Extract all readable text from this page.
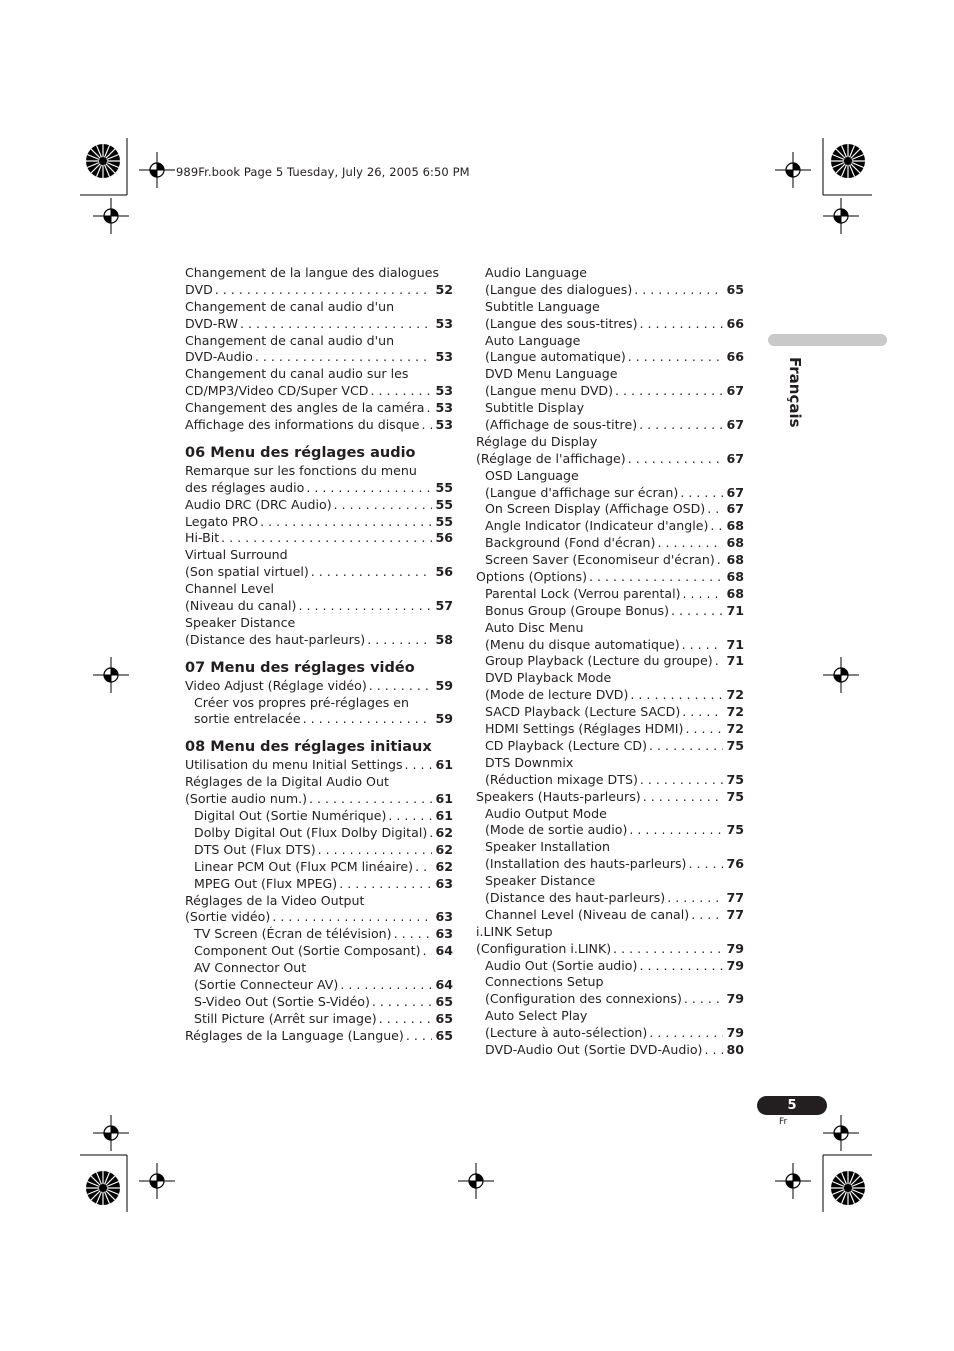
989Fr.book Page 5 Tuesday, July 26, 2005 6:50 PM
Changement de la langue des dialogues
DVD . . .	52
Changement de canal audio d'un
DVD-RW . . .	53
Changement de canal audio d'un
DVD-Audio . . .	53
Changement du canal audio sur les
CD/MP3/Video CD/Super VCD . . .	53
Changement des angles de la caméra . . . 53
Affichage des informations du disque . . . 53
06 Menu des réglages audio
Remarque sur les fonctions du menu
des réglages audio . . .	55
Audio DRC (DRC Audio) . . .	55
Legato PRO . . .	55
Hi-Bit . . .	56
Virtual Surround
(Son spatial virtuel) . . .	56
Channel Level
(Niveau du canal) . . .	57
Speaker Distance
(Distance des haut-parleurs) . . .	58
07 Menu des réglages vidéo
Video Adjust (Réglage vidéo) . . .	59
Créer vos propres pré-réglages en
sortie entrelacée . . .	59
08 Menu des réglages initiaux
Utilisation du menu Initial Settings . . .	61
Réglages de la Digital Audio Out
(Sortie audio num.) . . .	61
Digital Out (Sortie Numérique) . . .	61
Dolby Digital Out (Flux Dolby Digital) . . . 62
DTS Out (Flux DTS) . . .	62
Linear PCM Out (Flux PCM linéaire) . . . 62
MPEG Out (Flux MPEG) . . .	63
Réglages de la Video Output
(Sortie vidéo) . . .	63
TV Screen (Écran de télévision) . . .	63
Component Out (Sortie Composant) . . . 64
AV Connector Out
(Sortie Connecteur AV) . . .	64
S-Video Out (Sortie S-Vidéo) . . .	65
Still Picture (Arrêt sur image) . . .	65
Réglages de la Language (Langue) . . .	65
Audio Language
(Langue des dialogues) . . .	65
Subtitle Language
(Langue des sous-titres) . . .	66
Auto Language
(Langue automatique) . . .	66
DVD Menu Language
(Langue menu DVD) . . .	67
Subtitle Display
(Affichage de sous-titre) . . .	67
Réglage du Display
(Réglage de l'affichage) . . .	67
OSD Language
(Langue d'affichage sur écran) . . .	67
On Screen Display (Affichage OSD) . . . 67
Angle Indicator (Indicateur d'angle) . . . 68
Background (Fond d'écran) . . .	68
Screen Saver (Economiseur d'écran) . . . 68
Options (Options) . . .	68
Parental Lock (Verrou parental) . . .	68
Bonus Group (Groupe Bonus) . . .	71
Auto Disc Menu
(Menu du disque automatique) . . .	71
Group Playback (Lecture du groupe) . . . 71
DVD Playback Mode
(Mode de lecture DVD) . . .	72
SACD Playback (Lecture SACD) . . .	72
HDMI Settings (Réglages HDMI) . . .	72
CD Playback (Lecture CD) . . .	75
DTS Downmix
(Réduction mixage DTS) . . .	75
Speakers (Hauts-parleurs) . . .	75
Audio Output Mode
(Mode de sortie audio) . . .	75
Speaker Installation
(Installation des hauts-parleurs) . . .	76
Speaker Distance
(Distance des haut-parleurs) . . .	77
Channel Level (Niveau de canal) . . .	77
i.LINK Setup
(Configuration i.LINK) . . .	79
Audio Out (Sortie audio) . . .	79
Connections Setup
(Configuration des connexions) . . .	79
Auto Select Play
(Lecture à auto-sélection) . . .	79
DVD-Audio Out (Sortie DVD-Audio) . . . 80
Français
5
Fr
